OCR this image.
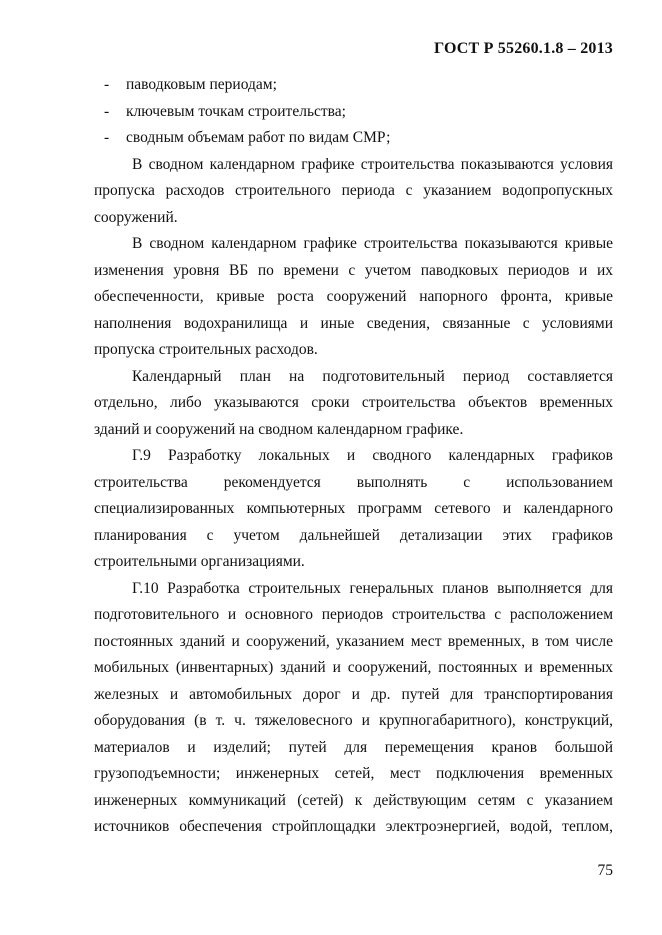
ГОСТ Р 55260.1.8 – 2013
- паводковым периодам;
- ключевым точкам строительства;
- сводным объемам работ по видам СМР;
В сводном календарном графике строительства показываются условия
пропуска расходов строительного периода с указанием водопропускных
сооружений.
В сводном календарном графике строительства показываются кривые
изменения уровня ВБ по времени с учетом паводковых периодов и их
обеспеченности, кривые роста сооружений напорного фронта, кривые
наполнения водохранилища и иные сведения, связанные с условиями
пропуска строительных расходов.
Календарный план на подготовительный период составляется
отдельно, либо указываются сроки строительства объектов временных
зданий и сооружений на сводном календарном графике.
Г.9 Разработку локальных и сводного календарных графиков
строительства рекомендуется выполнять с использованием
специализированных компьютерных программ сетевого и календарного
планирования с учетом дальнейшей детализации этих графиков
строительными организациями.
Г.10 Разработка строительных генеральных планов выполняется для
подготовительного и основного периодов строительства с расположением
постоянных зданий и сооружений, указанием мест временных, в том числе
мобильных (инвентарных) зданий и сооружений, постоянных и временных
железных и автомобильных дорог и др. путей для транспортирования
оборудования (в т. ч. тяжеловесного и крупногабаритного), конструкций,
материалов и изделий; путей для перемещения кранов большой
грузоподъемности; инженерных сетей, мест подключения временных
инженерных коммуникаций (сетей) к действующим сетям с указанием
источников обеспечения стройплощадки электроэнергией, водой, теплом,
75
